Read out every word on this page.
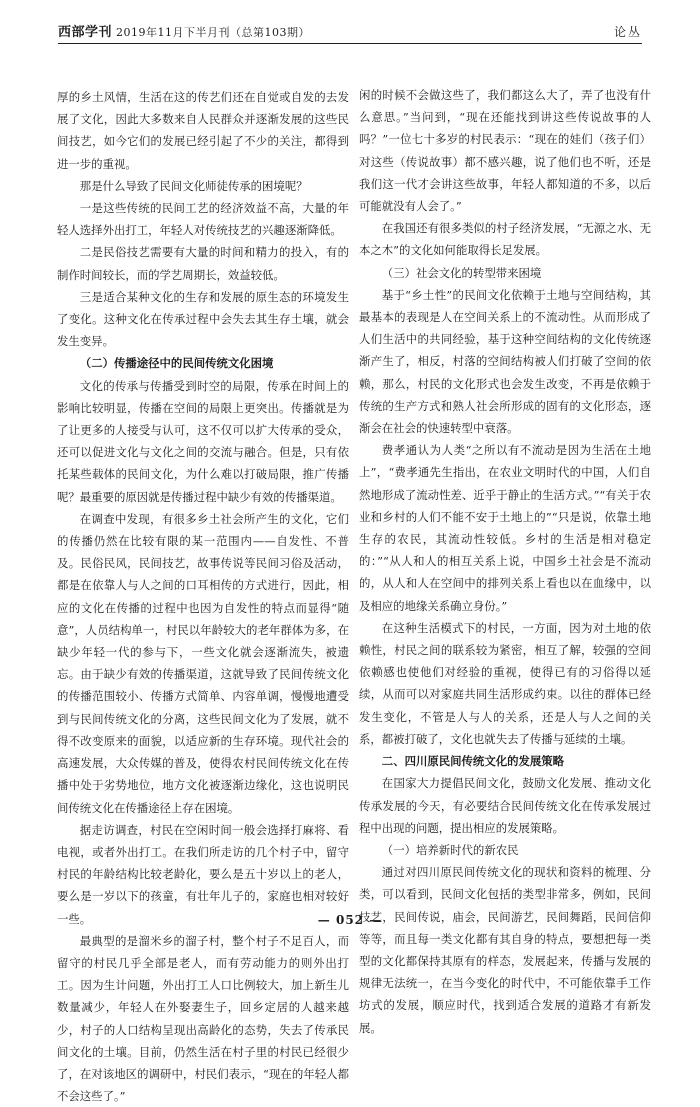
西部学刊 2019年11月下半月刊（总第103期）	论丛

厚的乡土风情，生活在这的传艺们还在自觉或自发的去发展了文化，因此大多数来自人民群众并逐渐发展的这些民间技艺，如今它们的发展已经引起了不少的关注，都得到进一步的重视。

那是什么导致了民间文化师徒传承的困境呢？

一是这些传统的民间工艺的经济效益不高，大量的年轻人选择外出打工，年轻人对传统技艺的兴趣逐渐降低。

二是民俗技艺需要有大量的时间和精力的投入，有的制作时间较长，而的学艺周期长，效益较低。

三是适合某种文化的生存和发展的原生态的环境发生了变化。这种文化在传承过程中会失去其生存土壤，就会发生变异。

（二）传播途径中的民间传统文化困境

文化的传承与传播受到时空的局限，传承在时间上的影响比较明显，传播在空间的局限上更突出。传播就是为了让更多的人接受与认可，这不仅可以扩大传承的受众，还可以促进文化与文化之间的交流与融合。但是，只有依托某些载体的民间文化，为什么难以打破局限，推广传播呢？最重要的原因就是传播过程中缺少有效的传播渠道。

在调查中发现，有很多乡土社会所产生的文化，它们的传播仍然在比较有限的某一范围内——自发性、不普及。民俗民风，民间技艺，故事传说等民间习俗及活动，都是在依靠人与人之间的口耳相传的方式进行，因此，相应的文化在传播的过程中也因为自发性的特点而显得“随意”，人员结构单一，村民以年龄较大的老年群体为多，在缺少年轻一代的参与下，一些文化就会逐渐流失，被遗忘。由于缺少有效的传播渠道，这就导致了民间传统文化的传播范围较小、传播方式简单、内容单调，慢慢地遭受到与民间传统文化的分离，这些民间文化为了发展，就不得不改变原来的面貌，以适应新的生存环境。现代社会的高速发展，大众传媒的普及，使得农村民间传统文化在传播中处于劣势地位，地方文化被逐渐边缘化，这也说明民间传统文化在传播途径上存在困境。

据走访调查，村民在空闲时间一般会选择打麻将、看电视，或者外出打工。在我们所走访的几个村子中，留守村民的年龄结构比较老龄化，要么是五十岁以上的老人，要么是一岁以下的孩童，有壮年儿子的，家庭也相对较好一些。

最典型的是溜米乡的溜子村，整个村子不足百人，而留守的村民几乎全部是老人，而有劳动能力的则外出打工。因为生计问题，外出打工人口比例较大，加上新生儿数量减少，年轻人在外娶妻生子，回乡定居的人越来越少，村子的人口结构呈现出高龄化的态势，失去了传承民间文化的土壤。目前，仍然生活在村子里的村民已经很少了，在对该地区的调研中，村民们表示，“现在的年轻人都不会这些了。”

闲的时候不会做这些了，我们都这么大了，弄了也没有什么意思。”当问到，“现在还能找到讲这些传说故事的人吗？”一位七十多岁的村民表示：“现在的娃们（孩子们）对这些（传说故事）都不感兴趣，说了他们也不听，还是我们这一代才会讲这些故事，年轻人都知道的不多，以后可能就没有人会了。”

在我国还有很多类似的村子经济发展，“无源之水、无本之木”的文化如何能取得长足发展。

（三）社会文化的转型带来困境

基于“乡土性”的民间文化依赖于土地与空间结构，其最基本的表现是人在空间关系上的不流动性。从而形成了人们生活中的共同经验，基于这种空间结构的文化传统逐渐产生了，相反，村落的空间结构被人们打破了空间的依赖，那么，村民的文化形式也会发生改变，不再是依赖于传统的生产方式和熟人社会所形成的固有的文化形态，逐渐会在社会的快速转型中衰落。

费孝通认为人类“之所以有不流动是因为生活在土地上”，“费孝通先生指出，在农业文明时代的中国，人们自然地形成了流动性差、近乎于静止的生活方式。”“有关于农业和乡村的人们不能不安于土地上的”“只是说，依靠土地生存的农民，其流动性较低。乡村的生活是相对稳定的：”“从人和人的相互关系上说，中国乡土社会是不流动的，从人和人在空间中的排列关系上看也以在血缘中，以及相应的地缘关系确立身份。”

在这种生活模式下的村民，一方面，因为对土地的依赖性，村民之间的联系较为紧密，相互了解，较强的空间依赖感也使他们对经验的重视，使得已有的习俗得以延续，从而可以对家庭共同生活形成约束。以往的群体已经发生变化，不管是人与人的关系，还是人与人之间的关系，都被打破了，文化也就失去了传播与延续的土壤。

二、四川原民间传统文化的发展策略

在国家大力提倡民间文化，鼓励文化发展、推动文化传承发展的今天，有必要结合民间传统文化在传承发展过程中出现的问题，提出相应的发展策略。

（一）培养新时代的新农民

通过对四川原民间传统文化的现状和资料的梳理、分类，可以看到，民间文化包括的类型非常多，例如，民间技艺，民间传说，庙会，民间游艺，民间舞蹈，民间信仰等等，而且每一类文化都有其自身的特点，要想把每一类型的文化都保持其原有的样态，发展起来，传播与发展的规律无法统一，在当今变化的时代中，不可能依靠手工作坊式的发展，顺应时代，找到适合发展的道路才有新发展。

— 052 —
